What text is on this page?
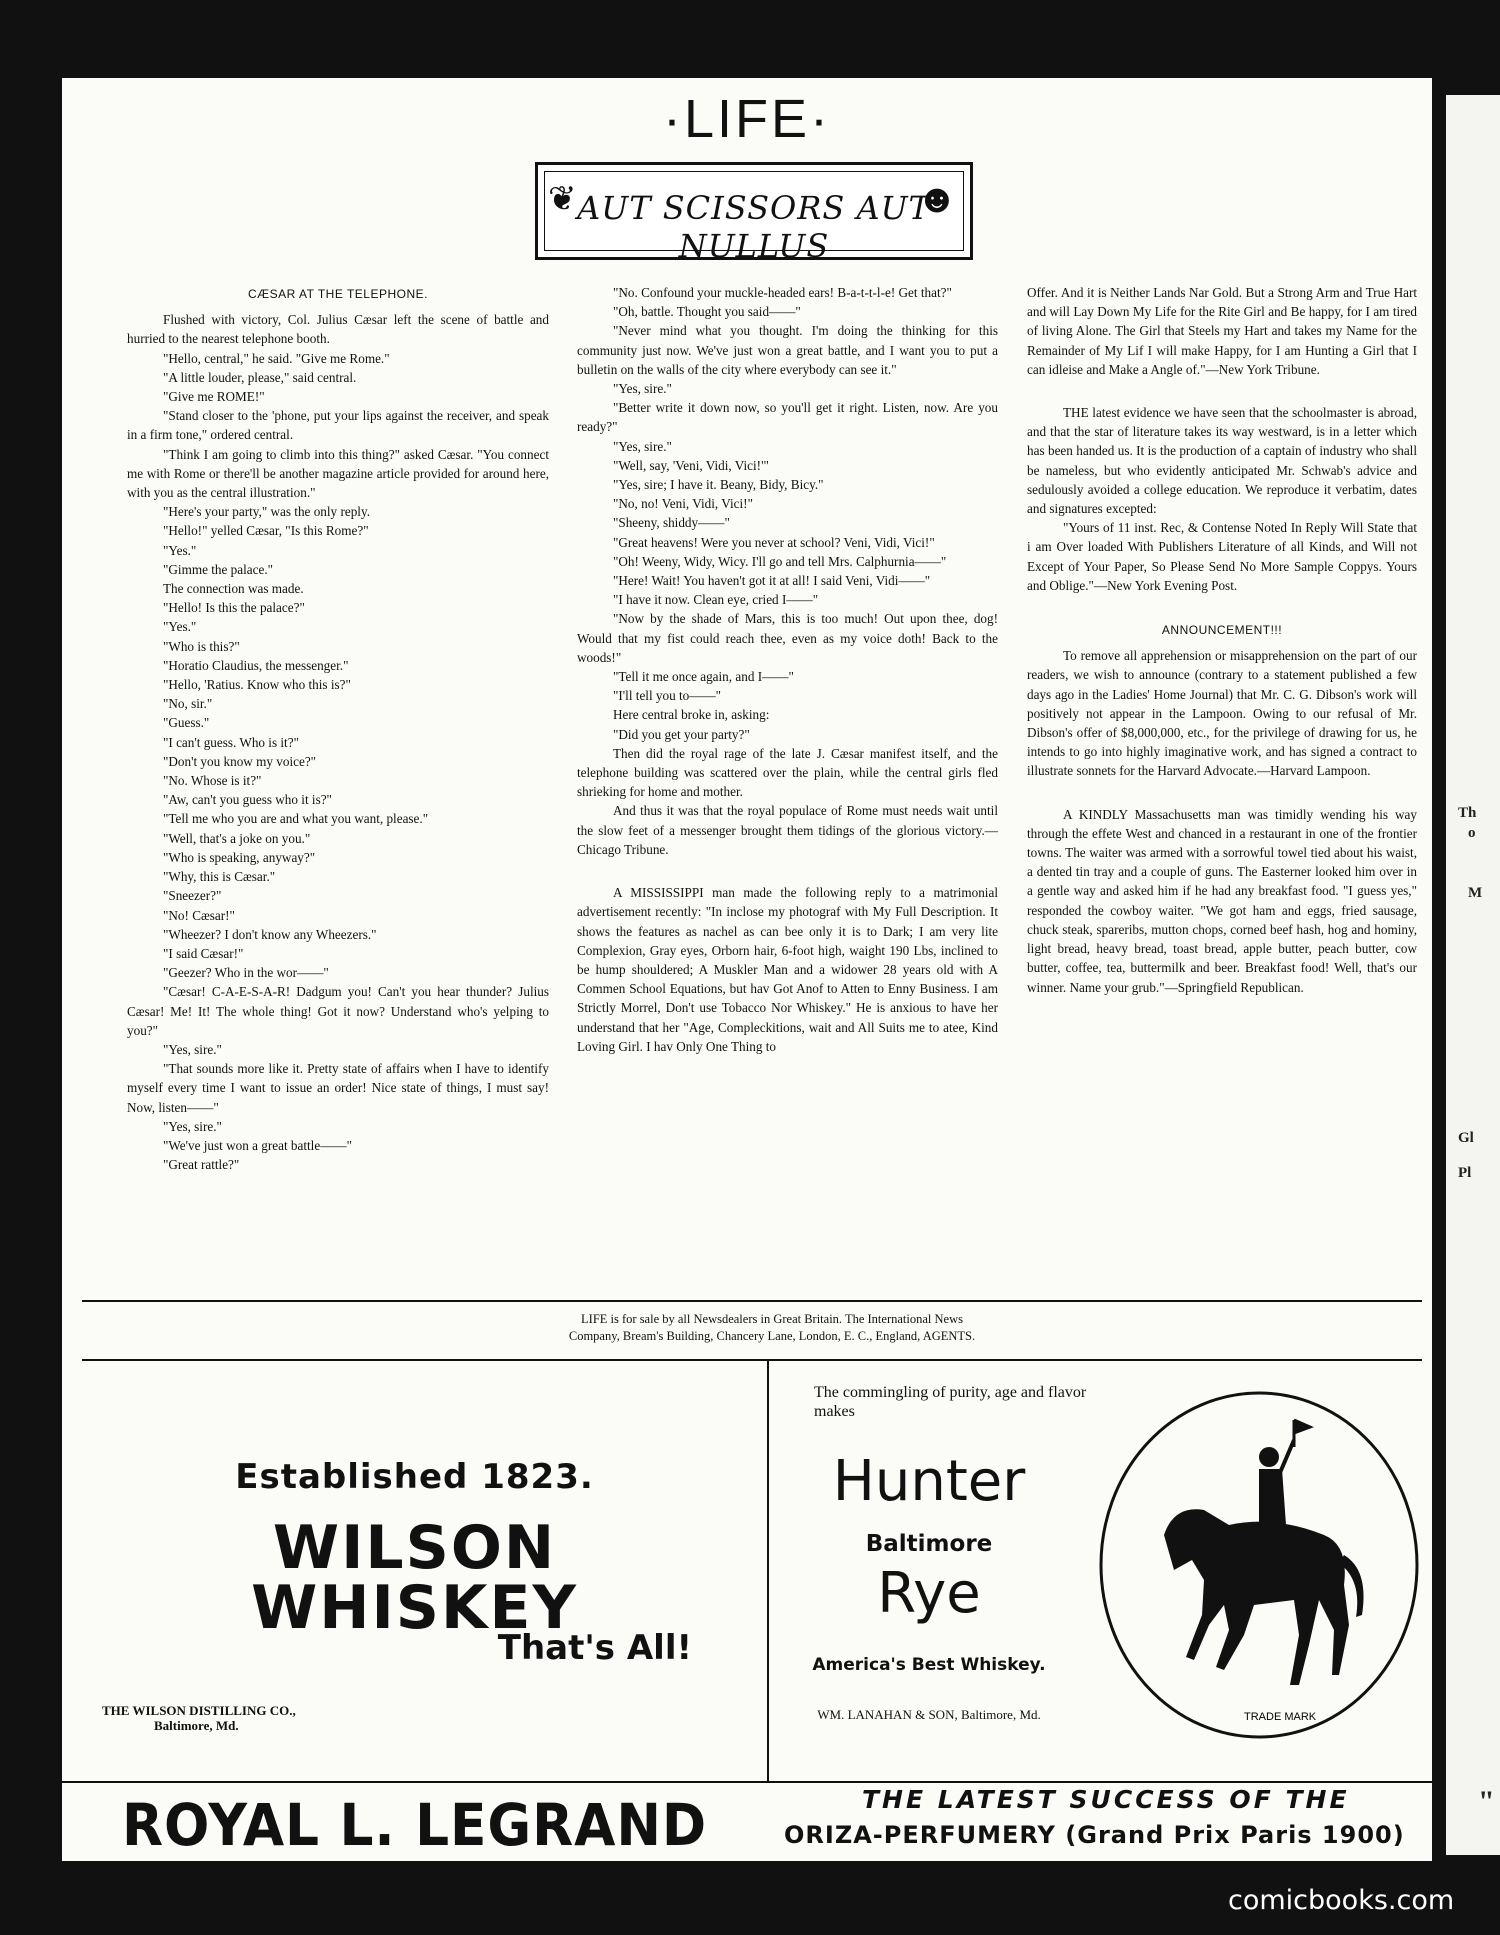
·LIFE·
❦	☻
AUT SCISSORS AUT NULLUS
CÆSAR AT THE TELEPHONE.

Flushed with victory, Col. Julius Cæsar left the scene of battle and hurried to the nearest telephone booth.

"Hello, central," he said. "Give me Rome."

"A little louder, please," said central.

"Give me ROME!"

"Stand closer to the 'phone, put your lips against the receiver, and speak in a firm tone," ordered central.

"Think I am going to climb into this thing?" asked Cæsar. "You connect me with Rome or there'll be another magazine article provided for around here, with you as the central illustration."

"Here's your party," was the only reply.

"Hello!" yelled Cæsar, "Is this Rome?"

"Yes."

"Gimme the palace."

The connection was made.

"Hello! Is this the palace?"

"Yes."

"Who is this?"

"Horatio Claudius, the messenger."

"Hello, 'Ratius. Know who this is?"

"No, sir."

"Guess."

"I can't guess. Who is it?"

"Don't you know my voice?"

"No. Whose is it?"

"Aw, can't you guess who it is?"

"Tell me who you are and what you want, please."

"Well, that's a joke on you."

"Who is speaking, anyway?"

"Why, this is Cæsar."

"Sneezer?"

"No! Cæsar!"

"Wheezer? I don't know any Wheezers."

"I said Cæsar!"

"Geezer? Who in the wor——"

"Cæsar! C-A-E-S-A-R! Dadgum you! Can't you hear thunder? Julius Cæsar! Me! It! The whole thing! Got it now? Understand who's yelping to you?"

"Yes, sire."

"That sounds more like it. Pretty state of affairs when I have to identify myself every time I want to issue an order! Nice state of things, I must say! Now, listen——"

"Yes, sire."

"We've just won a great battle——"

"Great rattle?"

"No. Confound your muckle-headed ears! B-a-t-t-l-e! Get that?"

"Oh, battle. Thought you said——"

"Never mind what you thought. I'm doing the thinking for this community just now. We've just won a great battle, and I want you to put a bulletin on the walls of the city where everybody can see it."

"Yes, sire."

"Better write it down now, so you'll get it right. Listen, now. Are you ready?"

"Yes, sire."

"Well, say, 'Veni, Vidi, Vici!'"

"Yes, sire; I have it. Beany, Bidy, Bicy."

"No, no! Veni, Vidi, Vici!"

"Sheeny, shiddy——"

"Great heavens! Were you never at school? Veni, Vidi, Vici!"

"Oh! Weeny, Widy, Wicy. I'll go and tell Mrs. Calphurnia——"

"Here! Wait! You haven't got it at all! I said Veni, Vidi——"

"I have it now. Clean eye, cried I——"

"Now by the shade of Mars, this is too much! Out upon thee, dog! Would that my fist could reach thee, even as my voice doth! Back to the woods!"

"Tell it me once again, and I——"

"I'll tell you to——"

Here central broke in, asking:

"Did you get your party?"

Then did the royal rage of the late J. Cæsar manifest itself, and the telephone building was scattered over the plain, while the central girls fled shrieking for home and mother.

And thus it was that the royal populace of Rome must needs wait until the slow feet of a messenger brought them tidings of the glorious victory.—Chicago Tribune.

A MISSISSIPPI man made the following reply to a matrimonial advertisement recently: "In inclose my photograf with My Full Description. It shows the features as nachel as can bee only it is to Dark; I am very lite Complexion, Gray eyes, Orborn hair, 6-foot high, waight 190 Lbs, inclined to be hump shouldered; A Muskler Man and a widower 28 years old with A Commen School Equations, but hav Got Anof to Atten to Enny Business. I am Strictly Morrel, Don't use Tobacco Nor Whiskey." He is anxious to have her understand that her "Age, Compleckitions, wait and All Suits me to atee, Kind Loving Girl. I hav Only One Thing to

Offer. And it is Neither Lands Nar Gold. But a Strong Arm and True Hart and will Lay Down My Life for the Rite Girl and Be happy, for I am tired of living Alone. The Girl that Steels my Hart and takes my Name for the Remainder of My Lif I will make Happy, for I am Hunting a Girl that I can idleise and Make a Angle of."—New York Tribune.

THE latest evidence we have seen that the schoolmaster is abroad, and that the star of literature takes its way westward, is in a letter which has been handed us. It is the production of a captain of industry who shall be nameless, but who evidently anticipated Mr. Schwab's advice and sedulously avoided a college education. We reproduce it verbatim, dates and signatures excepted:

"Yours of 11 inst. Rec, & Contense Noted In Reply Will State that i am Over loaded With Publishers Literature of all Kinds, and Will not Except of Your Paper, So Please Send No More Sample Coppys. Yours and Oblige."—New York Evening Post.

ANNOUNCEMENT!!!

To remove all apprehension or misapprehension on the part of our readers, we wish to announce (contrary to a statement published a few days ago in the Ladies' Home Journal) that Mr. C. G. Dibson's work will positively not appear in the Lampoon. Owing to our refusal of Mr. Dibson's offer of $8,000,000, etc., for the privilege of drawing for us, he intends to go into highly imaginative work, and has signed a contract to illustrate sonnets for the Harvard Advocate.—Harvard Lampoon.

A KINDLY Massachusetts man was timidly wending his way through the effete West and chanced in a restaurant in one of the frontier towns. The waiter was armed with a sorrowful towel tied about his waist, a dented tin tray and a couple of guns. The Easterner looked him over in a gentle way and asked him if he had any breakfast food. "I guess yes," responded the cowboy waiter. "We got ham and eggs, fried sausage, chuck steak, spareribs, mutton chops, corned beef hash, hog and hominy, light bread, heavy bread, toast bread, apple butter, peach butter, cow butter, coffee, tea, buttermilk and beer. Breakfast food! Well, that's our winner. Name your grub."—Springfield Republican.

LIFE is for sale by all Newsdealers in Great Britain. The International News
Company, Bream's Building, Chancery Lane, London, E. C., England, AGENTS.
Established 1823.
WILSON
WHISKEY
That's All!
THE WILSON DISTILLING CO.,
Baltimore, Md.
The commingling of purity, age and flavor makes
Hunter
Baltimore
Rye
America's Best Whiskey.
WM. LANAHAN & SON, Baltimore, Md.	TRADE MARK
ROYAL L. LEGRAND	THE LATEST SUCCESS OF THE
ORIZA-PERFUMERY (Grand Prix Paris 1900)
Th
o
M
Gl
Pl
"
comicbooks.com
